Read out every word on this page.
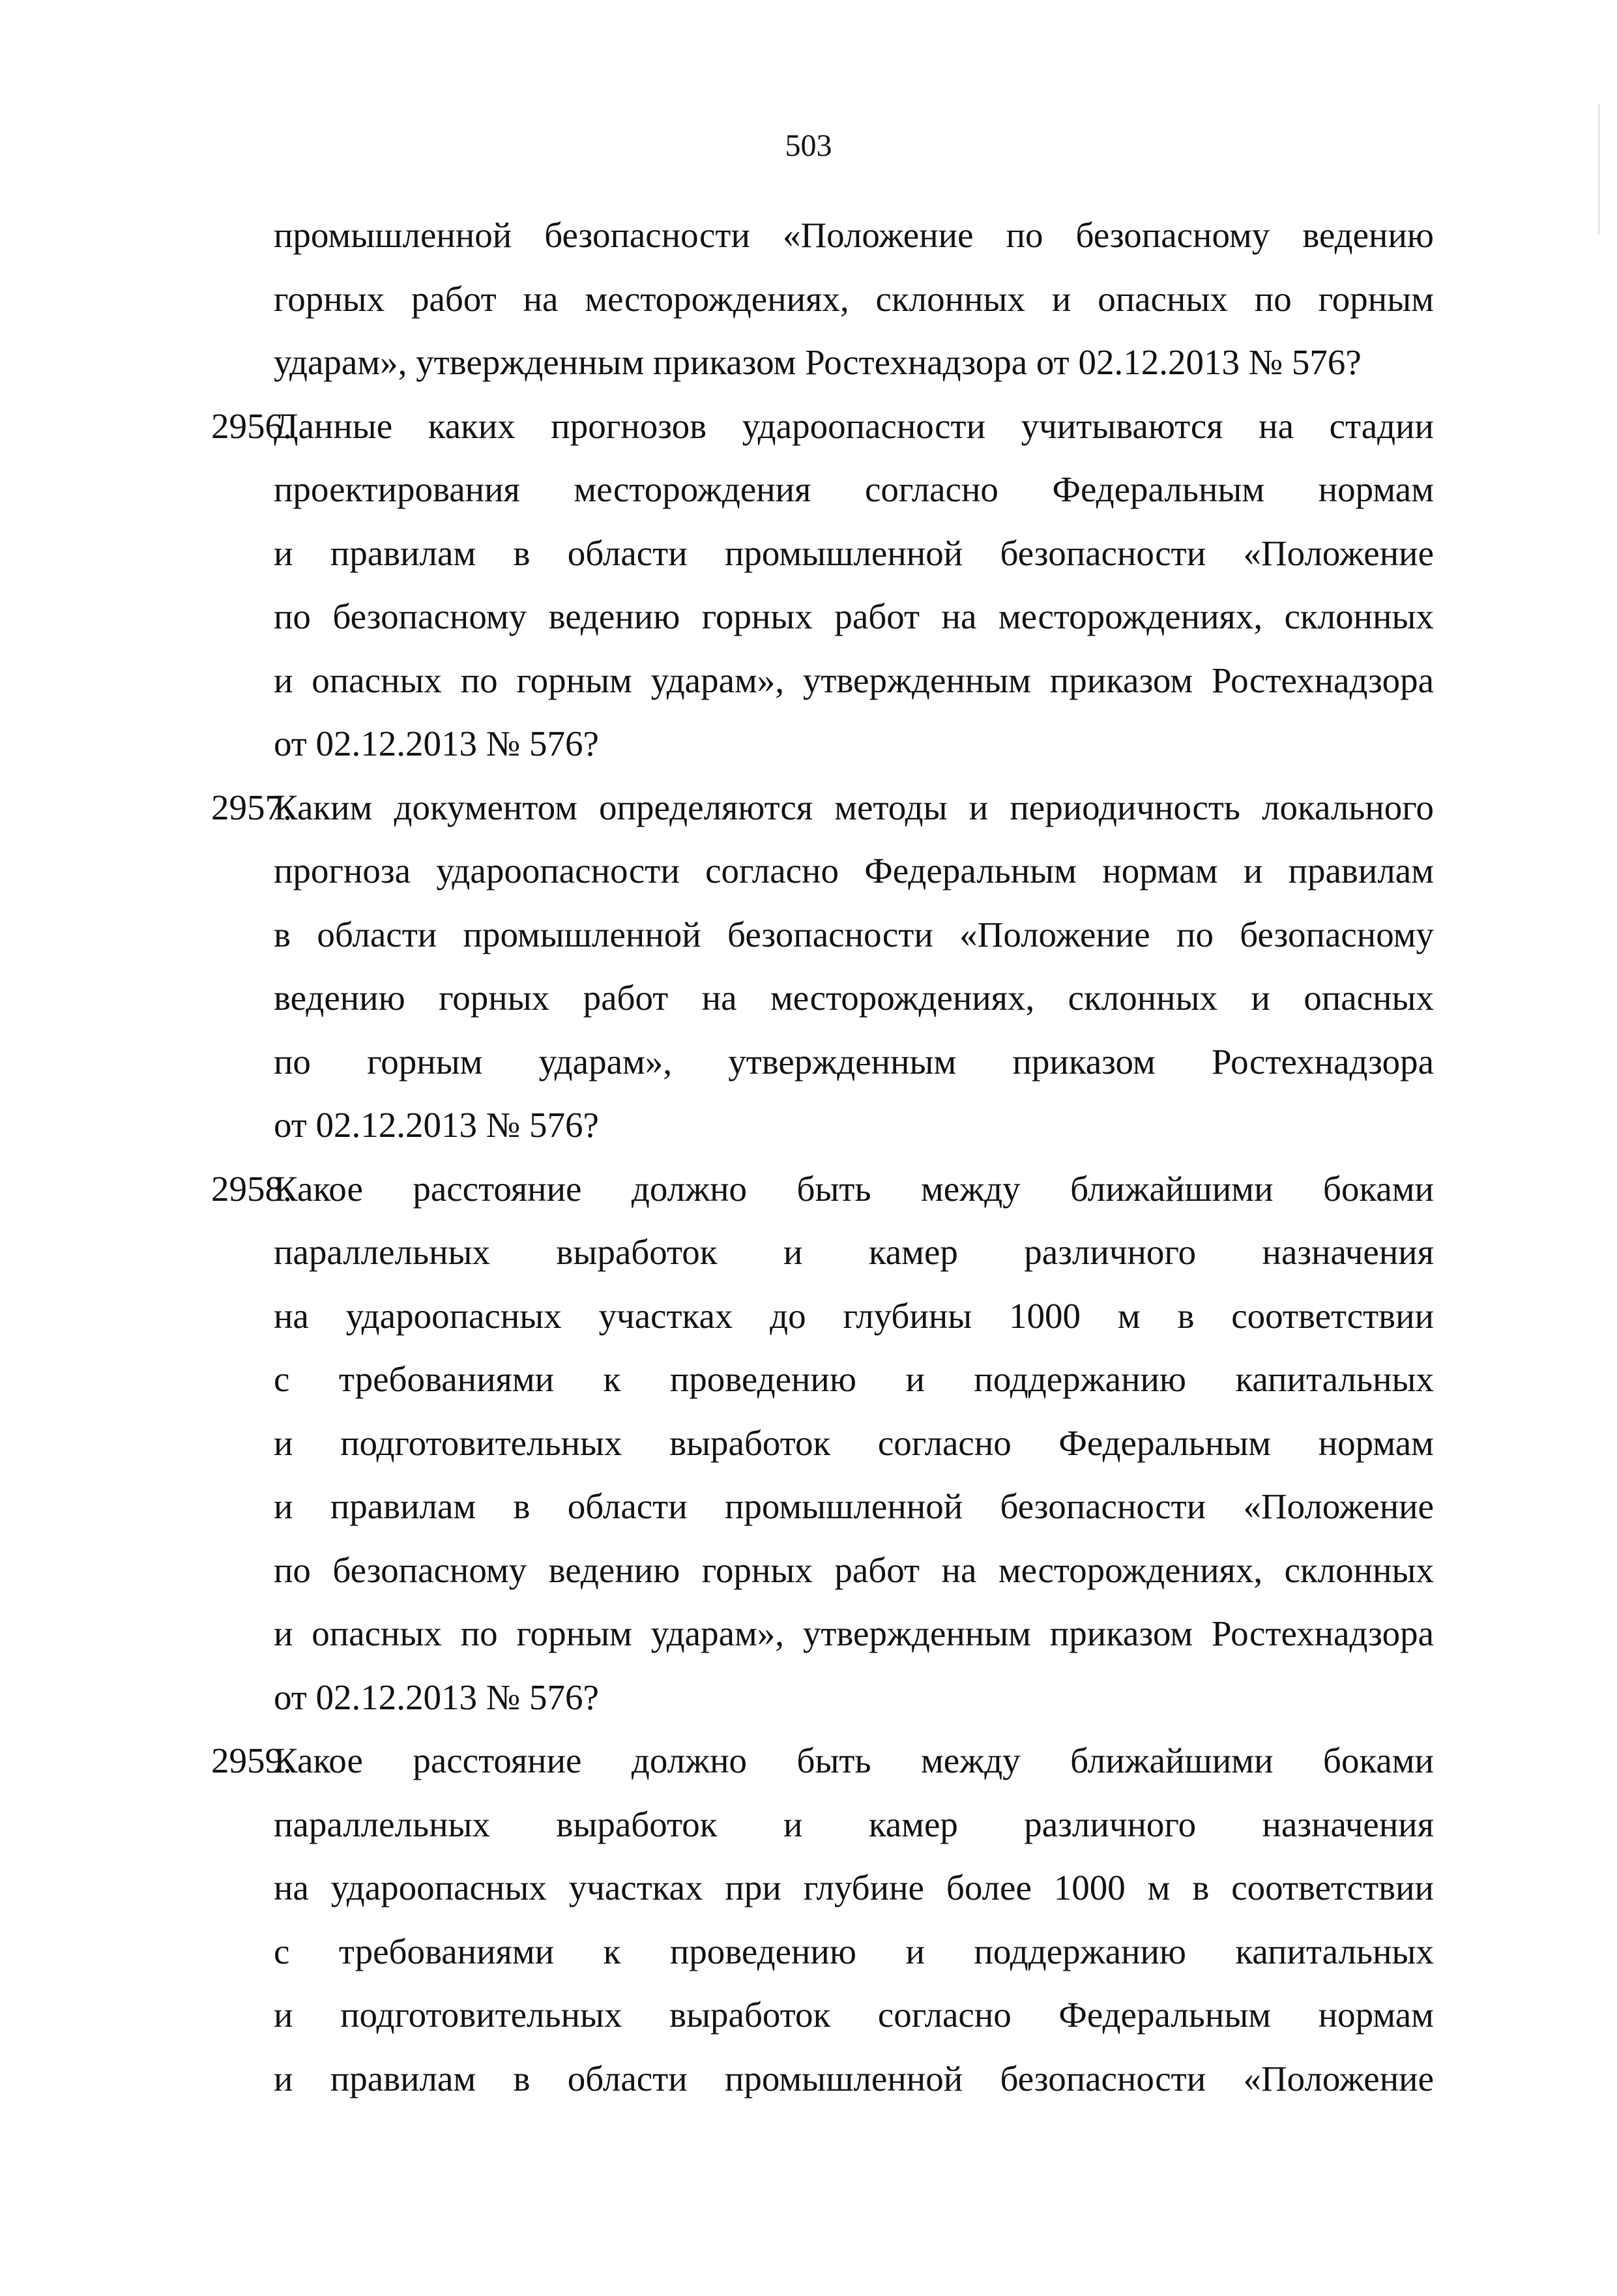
503
промышленной безопасности «Положение по безопасному ведению
горных работ на месторождениях, склонных и опасных по горным
ударам», утвержденным приказом Ростехнадзора от 02.12.2013 № 576?
2956.
Данные каких прогнозов удароопасности учитываются на стадии
проектирования месторождения согласно Федеральным нормам
и правилам в области промышленной безопасности «Положение
по безопасному ведению горных работ на месторождениях, склонных
и опасных по горным ударам», утвержденным приказом Ростехнадзора
от 02.12.2013 № 576?
2957.
Каким документом определяются методы и периодичность локального
прогноза удароопасности согласно Федеральным нормам и правилам
в области промышленной безопасности «Положение по безопасному
ведению горных работ на месторождениях, склонных и опасных
по горным ударам», утвержденным приказом Ростехнадзора
от 02.12.2013 № 576?
2958.
Какое расстояние должно быть между ближайшими боками
параллельных выработок и камер различного назначения
на удароопасных участках до глубины 1000 м в соответствии
с требованиями к проведению и поддержанию капитальных
и подготовительных выработок согласно Федеральным нормам
и правилам в области промышленной безопасности «Положение
по безопасному ведению горных работ на месторождениях, склонных
и опасных по горным ударам», утвержденным приказом Ростехнадзора
от 02.12.2013 № 576?
2959.
Какое расстояние должно быть между ближайшими боками
параллельных выработок и камер различного назначения
на удароопасных участках при глубине более 1000 м в соответствии
с требованиями к проведению и поддержанию капитальных
и подготовительных выработок согласно Федеральным нормам
и правилам в области промышленной безопасности «Положение
